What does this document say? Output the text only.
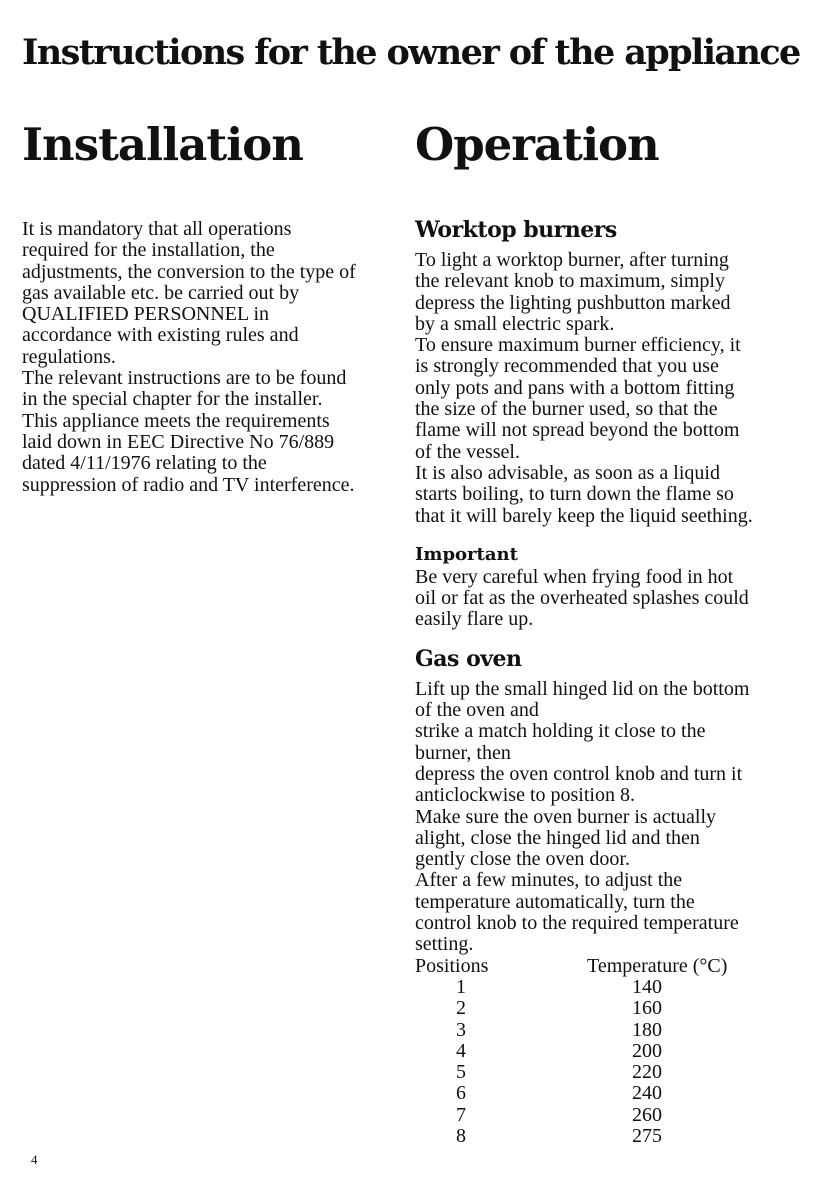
Instructions for the owner of the appliance
Installation Operation

It is mandatory that all operations
required for the installation, the
adjustments, the conversion to the type of
gas available etc. be carried out by
QUALIFIED PERSONNEL in
accordance with existing rules and
regulations.
The relevant instructions are to be found
in the special chapter for the installer.
This appliance meets the requirements
laid down in EEC Directive No 76/889
dated 4/11/1976 relating to the
suppression of radio and TV interference.

Worktop burners

To light a worktop burner, after turning
the relevant knob to maximum, simply
depress the lighting pushbutton marked
by a small electric spark.
To ensure maximum burner efficiency, it
is strongly recommended that you use
only pots and pans with a bottom fitting
the size of the burner used, so that the
flame will not spread beyond the bottom
of the vessel.
It is also advisable, as soon as a liquid
starts boiling, to turn down the flame so
that it will barely keep the liquid seething.

Important

Be very careful when frying food in hot
oil or fat as the overheated splashes could
easily flare up.

Gas oven

Lift up the small hinged lid on the bottom
of the oven and
strike a match holding it close to the
burner, then
depress the oven control knob and turn it
anticlockwise to position 8.
Make sure the oven burner is actually
alight, close the hinged lid and then
gently close the oven door.
After a few minutes, to adjust the
temperature automatically, turn the
control knob to the required temperature
setting.

Positions	Temperature (°C)
1	140
2	160
3	180
4	200
5	220
6	240
7	260
8	275
4
